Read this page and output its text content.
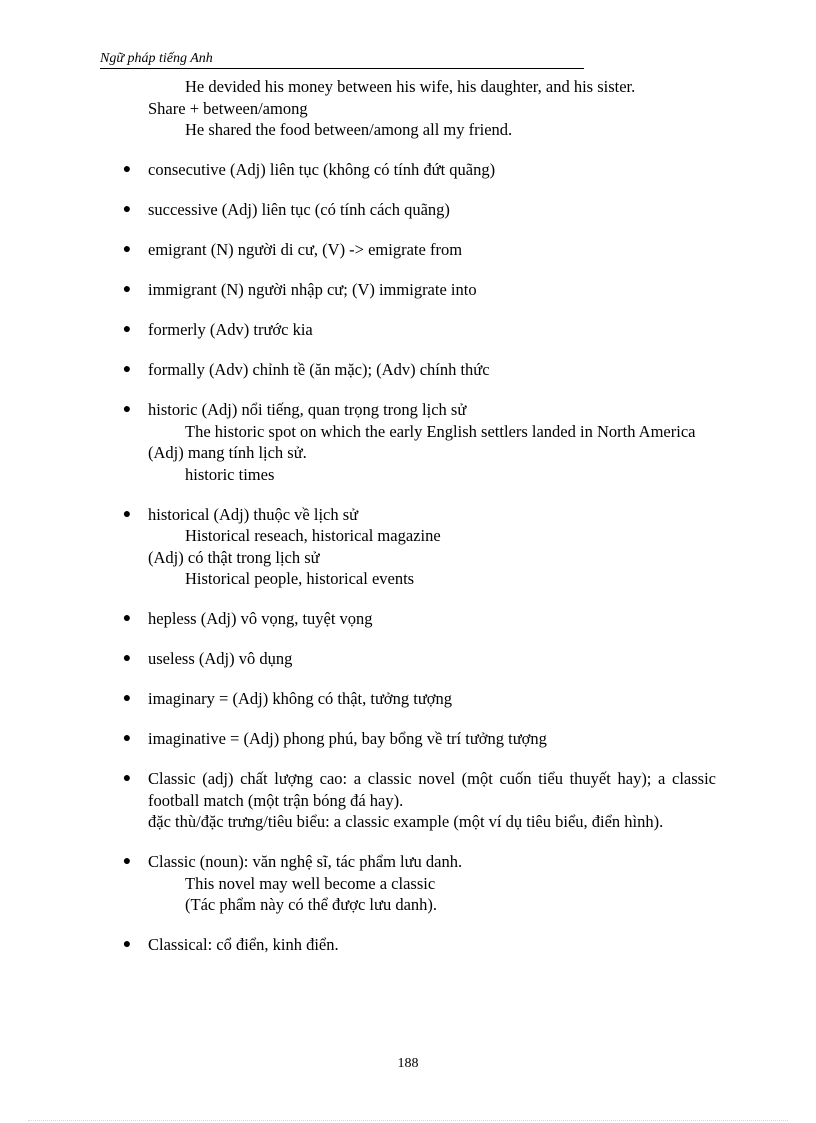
Ngữ pháp tiếng Anh
He devided his money between his wife, his daughter, and his sister.
Share + between/among
He shared the food between/among all my friend.
● consecutive (Adj) liên tục (không có tính đứt quãng)
● successive (Adj) liên tục (có tính cách quãng)
● emigrant (N) người di cư, (V) -> emigrate from
● immigrant (N) người nhập cư; (V) immigrate into
● formerly (Adv) trước kia
● formally (Adv) chỉnh tề (ăn mặc); (Adv) chính thức
● historic (Adj) nổi tiếng, quan trọng trong lịch sử
The historic spot on which the early English settlers landed in North America
(Adj) mang tính lịch sử.
historic times
● historical (Adj) thuộc về lịch sử
Historical reseach, historical magazine
(Adj) có thật trong lịch sử
Historical people, historical events
● hepless (Adj) vô vọng, tuyệt vọng
● useless (Adj) vô dụng
● imaginary = (Adj) không có thật, tưởng tượng
● imaginative = (Adj) phong phú, bay bổng về trí tưởng tượng
● Classic (adj) chất lượng cao: a classic novel (một cuốn tiểu thuyết hay); a classic football match (một trận bóng đá hay).
đặc thù/đặc trưng/tiêu biểu: a classic example (một ví dụ tiêu biểu, điển hình).
● Classic (noun): văn nghệ sĩ, tác phẩm lưu danh.
This novel may well become a classic
(Tác phẩm này có thể được lưu danh).
● Classical: cổ điển, kinh điển.
188
